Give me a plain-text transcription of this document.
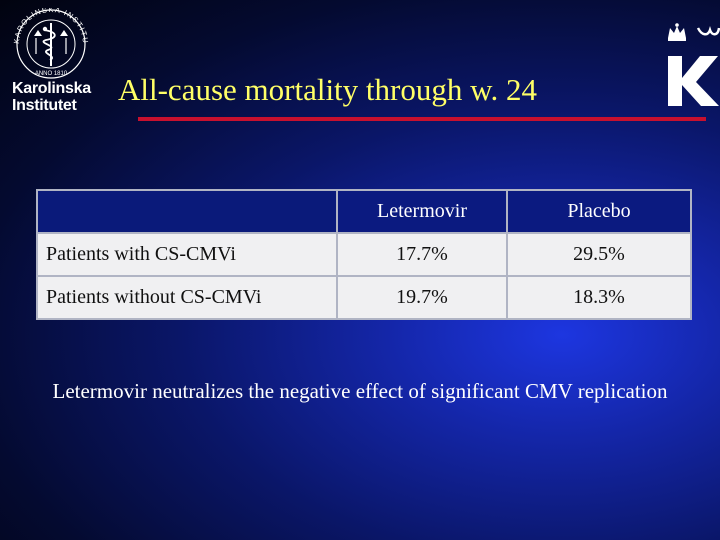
KAROLINSKA INSTITU
ANNO 1810
Karolinska
Institutet	All-cause mortality through w. 24
	Letermovir	Placebo
Patients with CS-CMVi	17.7%	29.5%
Patients without CS-CMVi	19.7%	18.3%
Letermovir neutralizes the negative effect of significant CMV replication
